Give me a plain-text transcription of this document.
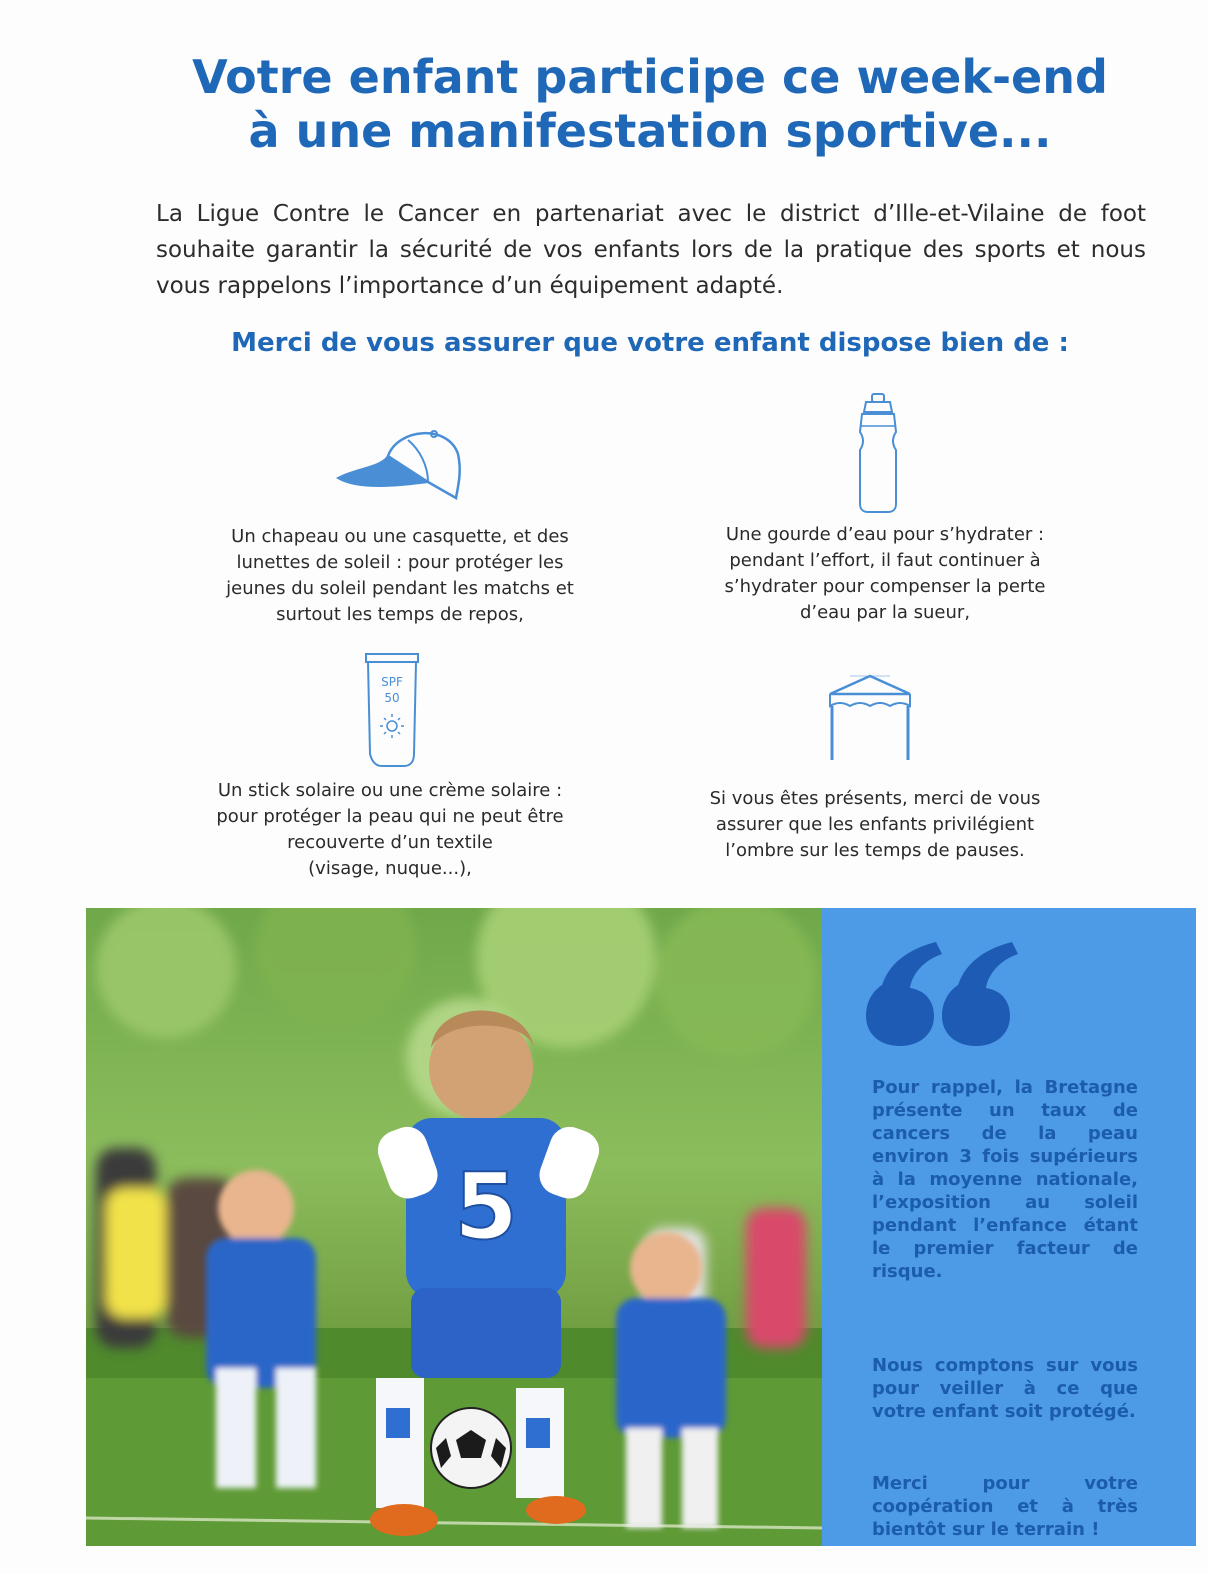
Votre enfant participe ce week-end
à une manifestation sportive...

La Ligue Contre le Cancer en partenariat avec le district d’Ille-et-Vilaine de foot souhaite garantir la sécurité de vos enfants lors de la pratique des sports et nous vous rappelons l’importance d’un équipement adapté.

Merci de vous assurer que votre enfant dispose bien de :
Un chapeau ou une casquette, et des
lunettes de soleil : pour protéger les
jeunes du soleil pendant les matchs et
surtout les temps de repos,
Une gourde d’eau pour s’hydrater :
pendant l’effort, il faut continuer à
s’hydrater pour compenser la perte
d’eau par la sueur,
SPF
50
Un stick solaire ou une crème solaire :
pour protéger la peau qui ne peut être
recouverte d’un textile
(visage, nuque...),
Si vous êtes présents, merci de vous
assurer que les enfants privilégient
l’ombre sur les temps de pauses.
5

Pour rappel, la Bretagne présente un taux de cancers de la peau environ 3 fois supérieurs à la moyenne nationale, l’exposition au soleil pendant l’enfance étant le premier facteur de risque.

Nous comptons sur vous pour veiller à ce que votre enfant soit protégé.

Merci pour votre coopération et à très bientôt sur le terrain !
